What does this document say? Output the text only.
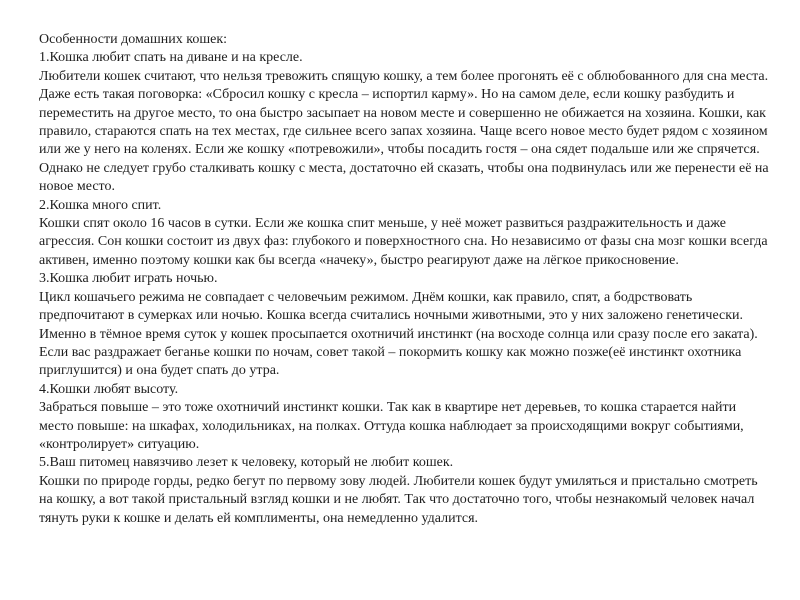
Особенности домашних кошек:

1.Кошка любит спать на диване и на кресле.

Любители кошек считают, что нельзя тревожить спящую кошку, а тем более прогонять её с облюбованного для сна места. Даже есть такая поговорка: «Сбросил кошку с кресла – испортил карму». Но на самом деле, если кошку разбудить и переместить на другое место, то она быстро засыпает на новом месте и совершенно не обижается на хозяина. Кошки, как правило, стараются спать на тех местах, где сильнее всего запах хозяина. Чаще всего новое место будет рядом с хозяином или же у него на коленях. Если же кошку «потревожили», чтобы посадить гостя – она сядет подальше или же спрячется. Однако не следует грубо сталкивать кошку с места, достаточно ей сказать, чтобы она подвинулась или же перенести её на новое место.

2.Кошка много спит.

Кошки спят около 16 часов в сутки. Если же кошка спит меньше, у неё может развиться раздражительность и даже агрессия. Сон кошки состоит из двух фаз: глубокого и поверхностного сна. Но независимо от фазы сна мозг кошки всегда активен, именно поэтому кошки как бы всегда «начеку», быстро реагируют даже на лёгкое прикосновение.

3.Кошка любит играть ночью.

Цикл кошачьего режима не совпадает с человечьим режимом. Днём кошки, как правило, спят, а бодрствовать предпочитают в сумерках или ночью. Кошка всегда считались ночными животными, это у них заложено генетически. Именно в тёмное время суток у кошек просыпается охотничий инстинкт (на восходе солнца или сразу после его заката). Если вас раздражает беганье кошки по ночам, совет такой – покормить кошку как можно позже(её инстинкт охотника приглушится) и она будет спать до утра.

4.Кошки любят высоту.

Забраться повыше – это тоже охотничий инстинкт кошки. Так как в квартире нет деревьев, то кошка старается найти место повыше: на шкафах, холодильниках, на полках. Оттуда кошка наблюдает за происходящими вокруг событиями, «контролирует» ситуацию.

5.Ваш питомец навязчиво лезет к человеку, который не любит кошек.

Кошки по природе горды, редко бегут по первому зову людей. Любители кошек будут умиляться и пристально смотреть на кошку, а вот такой пристальный взгляд кошки и не любят. Так что достаточно того, чтобы незнакомый человек начал тянуть руки к кошке и делать ей комплименты, она немедленно удалится.
